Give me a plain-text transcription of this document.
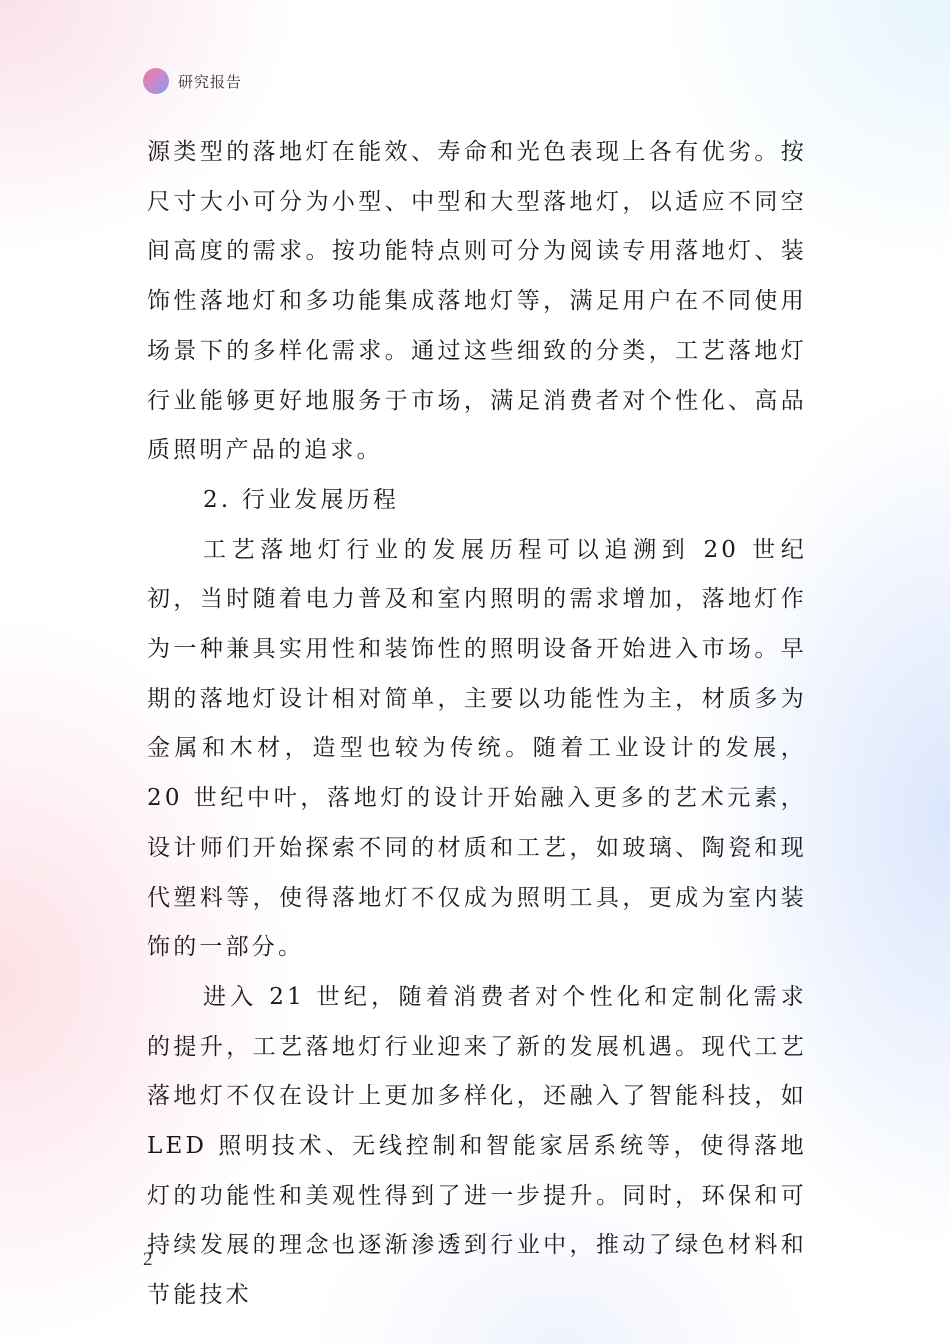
研究报告

源类型的落地灯在能效、寿命和光色表现上各有优劣。按尺寸大小可分为小型、中型和大型落地灯，以适应不同空间高度的需求。按功能特点则可分为阅读专用落地灯、装饰性落地灯和多功能集成落地灯等，满足用户在不同使用场景下的多样化需求。通过这些细致的分类，工艺落地灯行业能够更好地服务于市场，满足消费者对个性化、高品质照明产品的追求。

2. 行业发展历程

工艺落地灯行业的发展历程可以追溯到 20 世纪初，当时随着电力普及和室内照明的需求增加，落地灯作为一种兼具实用性和装饰性的照明设备开始进入市场。早期的落地灯设计相对简单，主要以功能性为主，材质多为金属和木材，造型也较为传统。随着工业设计的发展，20 世纪中叶，落地灯的设计开始融入更多的艺术元素，设计师们开始探索不同的材质和工艺，如玻璃、陶瓷和现代塑料等，使得落地灯不仅成为照明工具，更成为室内装饰的一部分。

进入 21 世纪，随着消费者对个性化和定制化需求的提升，工艺落地灯行业迎来了新的发展机遇。现代工艺落地灯不仅在设计上更加多样化，还融入了智能科技，如 LED 照明技术、无线控制和智能家居系统等，使得落地灯的功能性和美观性得到了进一步提升。同时，环保和可持续发展的理念也逐渐渗透到行业中，推动了绿色材料和节能技术

2
